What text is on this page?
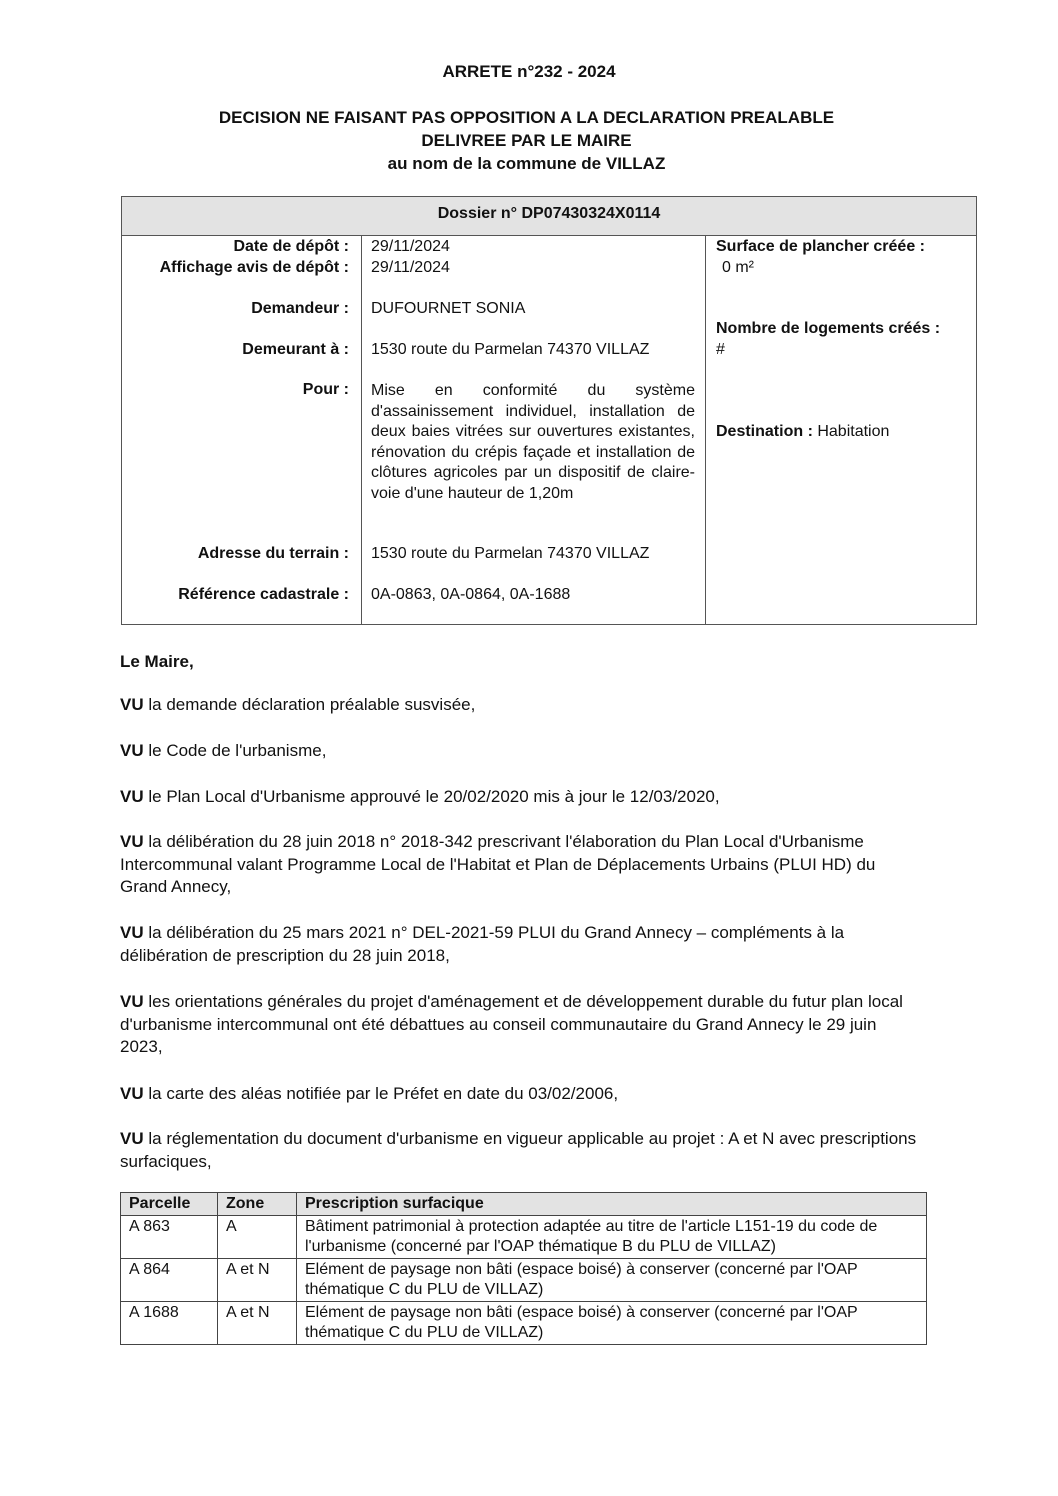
ARRETE n°232 - 2024
DECISION NE FAISANT PAS OPPOSITION A LA DECLARATION PREALABLE
DELIVREE PAR LE MAIRE
au nom de la commune de VILLAZ
Dossier n° DP07430324X0114
Date de dépôt : 29/11/2024
Affichage avis de dépôt : 29/11/2024
Demandeur : DUFOURNET SONIA
Demeurant à : 1530 route du Parmelan 74370 VILLAZ
Pour : Mise en conformité du système d'assainissement individuel, installation de deux baies vitrées sur ouvertures existantes, rénovation du crépis façade et installation de clôtures agricoles par un dispositif de claire-voie d'une hauteur de 1,20m
Adresse du terrain : 1530 route du Parmelan 74370 VILLAZ
Référence cadastrale : 0A-0863, 0A-0864, 0A-1688
Surface de plancher créée :
0 m²
Nombre de logements créés :
#
Destination : Habitation
Le Maire,
VU la demande déclaration préalable susvisée,
VU le Code de l'urbanisme,
VU le Plan Local d'Urbanisme approuvé le 20/02/2020 mis à jour le 12/03/2020,
VU la délibération du 28 juin 2018 n° 2018-342 prescrivant l'élaboration du Plan Local d'Urbanisme Intercommunal valant Programme Local de l'Habitat et Plan de Déplacements Urbains (PLUI HD) du Grand Annecy,
VU la délibération du 25 mars 2021 n° DEL-2021-59 PLUI du Grand Annecy – compléments à la délibération de prescription du 28 juin 2018,
VU les orientations générales du projet d'aménagement et de développement durable du futur plan local d'urbanisme intercommunal ont été débattues au conseil communautaire du Grand Annecy le 29 juin 2023,
VU la carte des aléas notifiée par le Préfet en date du 03/02/2006,
VU la réglementation du document d'urbanisme en vigueur applicable au projet : A et N avec prescriptions surfaciques,
Parcelle	Zone	Prescription surfacique
A 863	A	Bâtiment patrimonial à protection adaptée au titre de l'article L151-19 du code de l'urbanisme (concerné par l'OAP thématique B du PLU de VILLAZ)
A 864	A et N	Elément de paysage non bâti (espace boisé) à conserver (concerné par l'OAP thématique C du PLU de VILLAZ)
A 1688	A et N	Elément de paysage non bâti (espace boisé) à conserver (concerné par l'OAP thématique C du PLU de VILLAZ)
